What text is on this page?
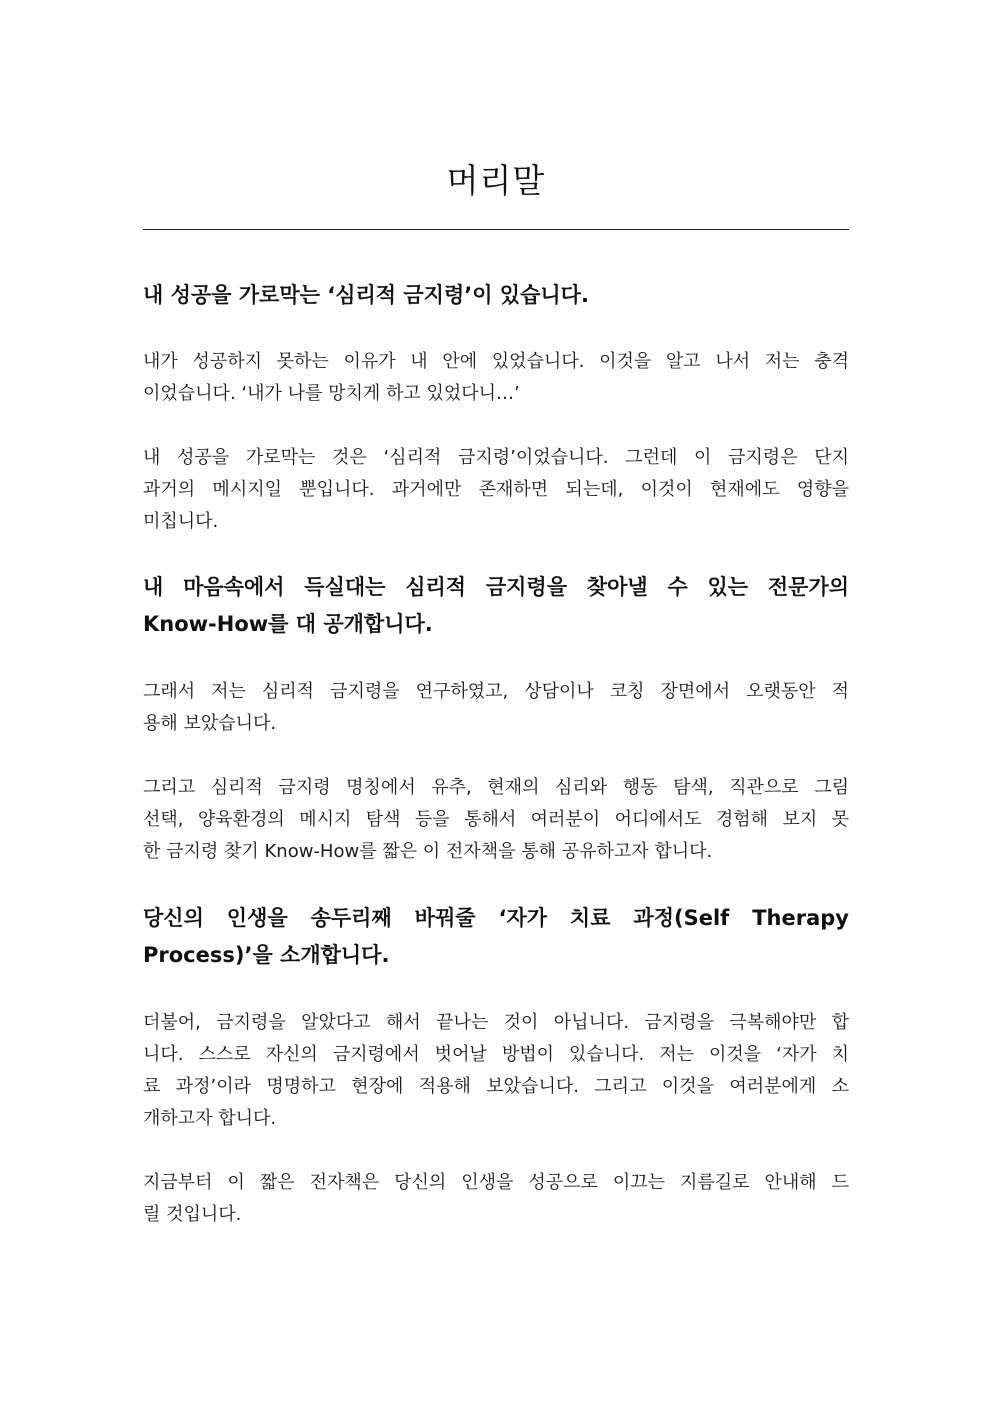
머리말
내 성공을 가로막는 ‘심리적 금지령’이 있습니다.
내가 성공하지 못하는 이유가 내 안에 있었습니다. 이것을 알고 나서 저는 충격
이었습니다. ‘내가 나를 망치게 하고 있었다니…’
내 성공을 가로막는 것은 ‘심리적 금지령’이었습니다. 그런데 이 금지령은 단지
과거의 메시지일 뿐입니다. 과거에만 존재하면 되는데, 이것이 현재에도 영향을
미칩니다.
내 마음속에서 득실대는 심리적 금지령을 찾아낼 수 있는 전문가의
Know-How를 대 공개합니다.
그래서 저는 심리적 금지령을 연구하였고, 상담이나 코칭 장면에서 오랫동안 적
용해 보았습니다.
그리고 심리적 금지령 명칭에서 유추, 현재의 심리와 행동 탐색, 직관으로 그림
선택, 양육환경의 메시지 탐색 등을 통해서 여러분이 어디에서도 경험해 보지 못
한 금지령 찾기 Know-How를 짧은 이 전자책을 통해 공유하고자 합니다.
당신의 인생을 송두리째 바꿔줄 ‘자가 치료 과정(Self Therapy
Process)’을 소개합니다.
더불어, 금지령을 알았다고 해서 끝나는 것이 아닙니다. 금지령을 극복해야만 합
니다. 스스로 자신의 금지령에서 벗어날 방법이 있습니다. 저는 이것을 ‘자가 치
료 과정’이라 명명하고 현장에 적용해 보았습니다. 그리고 이것을 여러분에게 소
개하고자 합니다.
지금부터 이 짧은 전자책은 당신의 인생을 성공으로 이끄는 지름길로 안내해 드
릴 것입니다.
